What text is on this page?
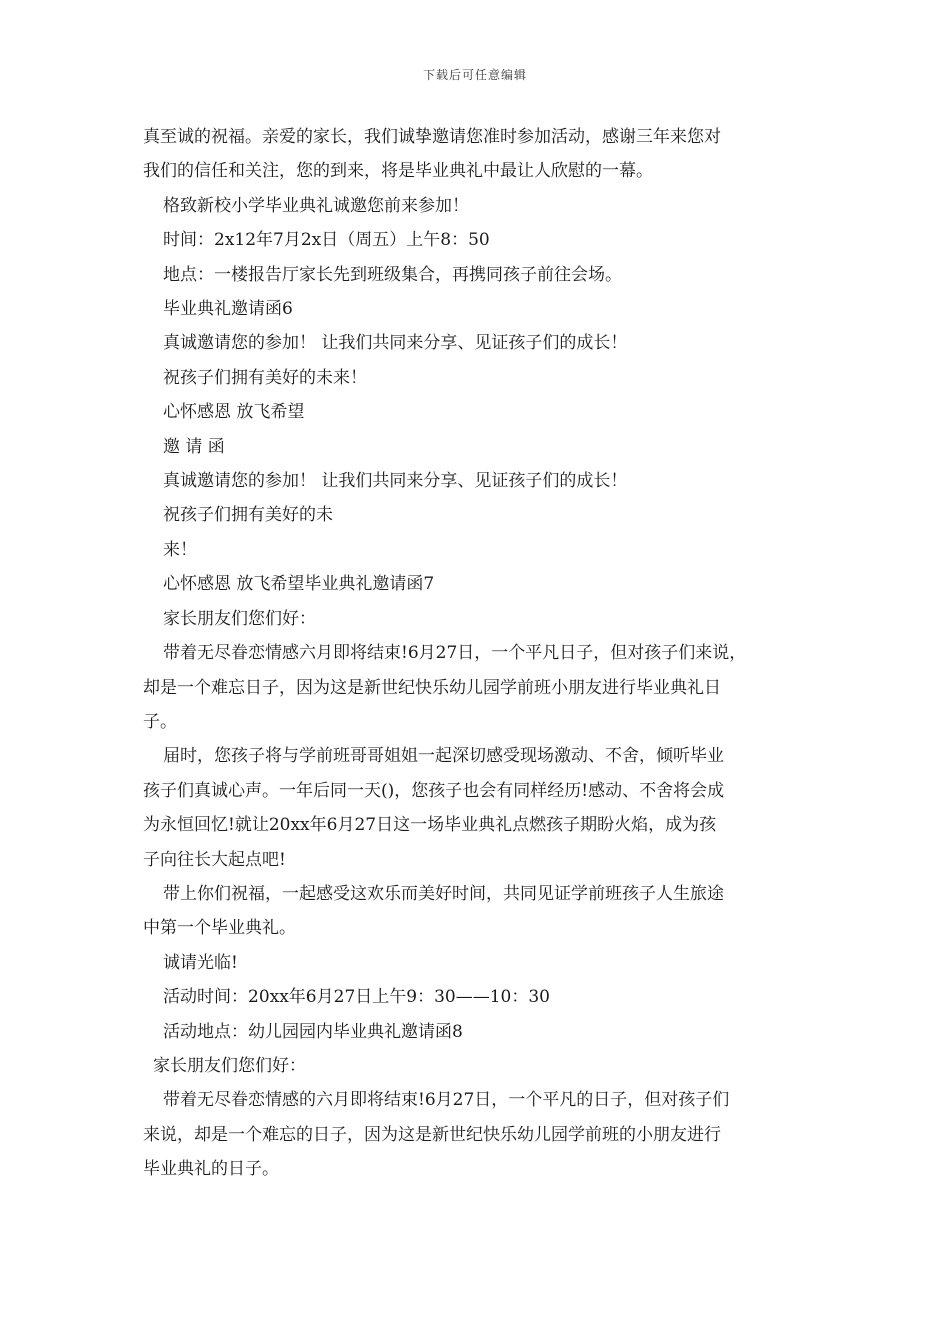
下载后可任意编辑

真至诚的祝福。亲爱的家长，我们诚挚邀请您准时参加活动，感谢三年来您对

我们的信任和关注，您的到来，将是毕业典礼中最让人欣慰的一幕。

格致新校小学毕业典礼诚邀您前来参加！

时间：2x12年7月2x日（周五）上午8：50

地点：一楼报告厅家长先到班级集合，再携同孩子前往会场。

毕业典礼邀请函6

真诚邀请您的参加！ 让我们共同来分享、见证孩子们的成长！

祝孩子们拥有美好的未来！

心怀感恩 放飞希望

邀 请 函

真诚邀请您的参加！ 让我们共同来分享、见证孩子们的成长！

祝孩子们拥有美好的未

来！

心怀感恩 放飞希望毕业典礼邀请函7

家长朋友们您们好：

带着无尽眷恋情感六月即将结束!6月27日，一个平凡日子，但对孩子们来说，

却是一个难忘日子，因为这是新世纪快乐幼儿园学前班小朋友进行毕业典礼日

子。

届时，您孩子将与学前班哥哥姐姐一起深切感受现场激动、不舍，倾听毕业

孩子们真诚心声。一年后同一天()，您孩子也会有同样经历!感动、不舍将会成

为永恒回忆!就让20xx年6月27日这一场毕业典礼点燃孩子期盼火焰，成为孩

子向往长大起点吧!

带上你们祝福，一起感受这欢乐而美好时间，共同见证学前班孩子人生旅途

中第一个毕业典礼。

诚请光临!

活动时间：20xx年6月27日上午9：30——10：30

活动地点：幼儿园园内毕业典礼邀请函8

家长朋友们您们好：

带着无尽眷恋情感的六月即将结束!6月27日，一个平凡的日子，但对孩子们

来说，却是一个难忘的日子，因为这是新世纪快乐幼儿园学前班的小朋友进行

毕业典礼的日子。
